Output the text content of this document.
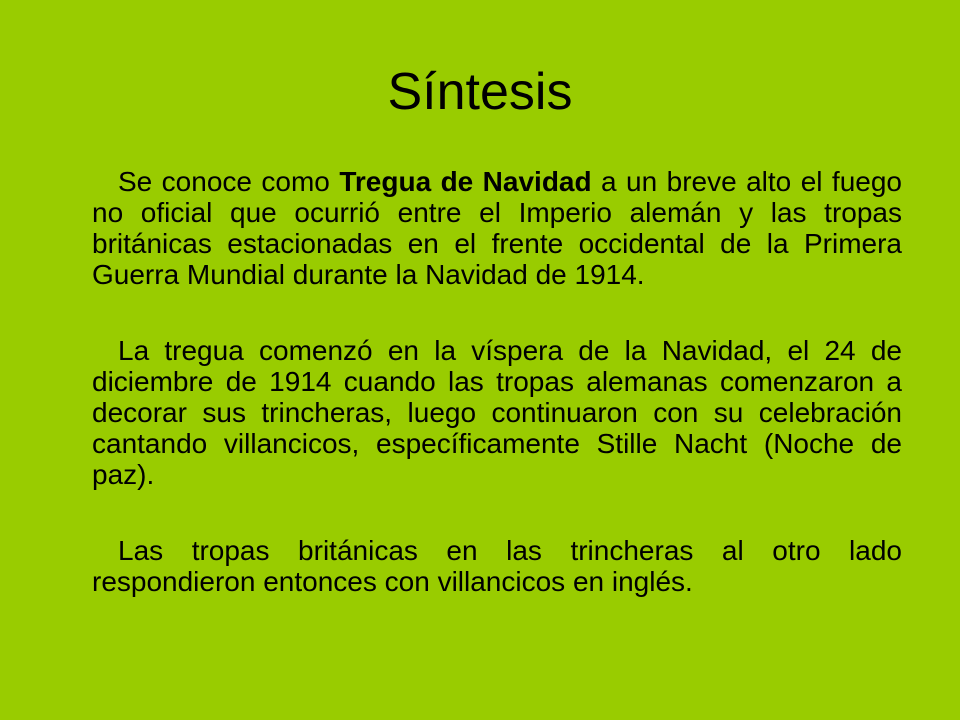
Síntesis

Se conoce como Tregua de Navidad a un breve alto el fuego no oficial que ocurrió entre el Imperio alemán y las tropas británicas estacionadas en el frente occidental de la Primera Guerra Mundial durante la Navidad de 1914.

La tregua comenzó en la víspera de la Navidad, el 24 de diciembre de 1914 cuando las tropas alemanas comenzaron a decorar sus trincheras, luego continuaron con su celebración cantando villancicos, específicamente Stille Nacht (Noche de paz).

Las tropas británicas en las trincheras al otro lado respondieron entonces con villancicos en inglés.
